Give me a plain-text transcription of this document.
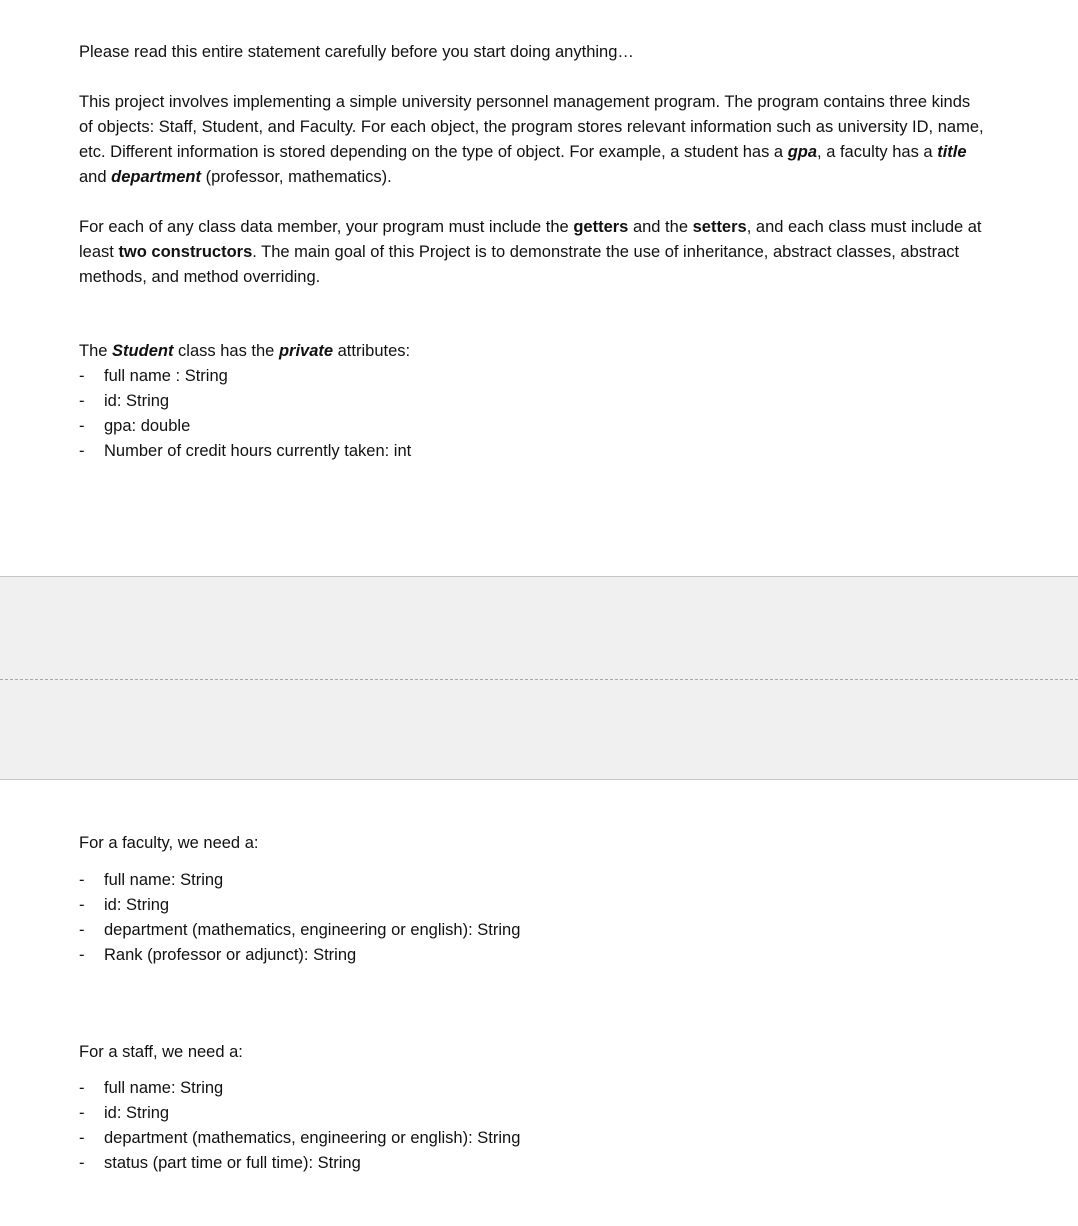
Please read this entire statement carefully before you start doing anything…

This project involves implementing a simple university personnel management program. The program contains three kinds
of objects: Staff, Student, and Faculty. For each object, the program stores relevant information such as university ID, name,
etc. Different information is stored depending on the type of object. For example, a student has a gpa, a faculty has a title
and department (professor, mathematics).

For each of any class data member, your program must include the getters and the setters, and each class must include at
least two constructors. The main goal of this Project is to demonstrate the use of inheritance, abstract classes, abstract
methods, and method overriding.

The Student class has the private attributes:

- full name : String
- id: String
- gpa: double
- Number of credit hours currently taken: int

For a faculty, we need a:

- full name: String
- id: String
- department (mathematics, engineering or english): String
- Rank (professor or adjunct): String

For a staff, we need a:

- full name: String
- id: String
- department (mathematics, engineering or english): String
- status (part time or full time): String
